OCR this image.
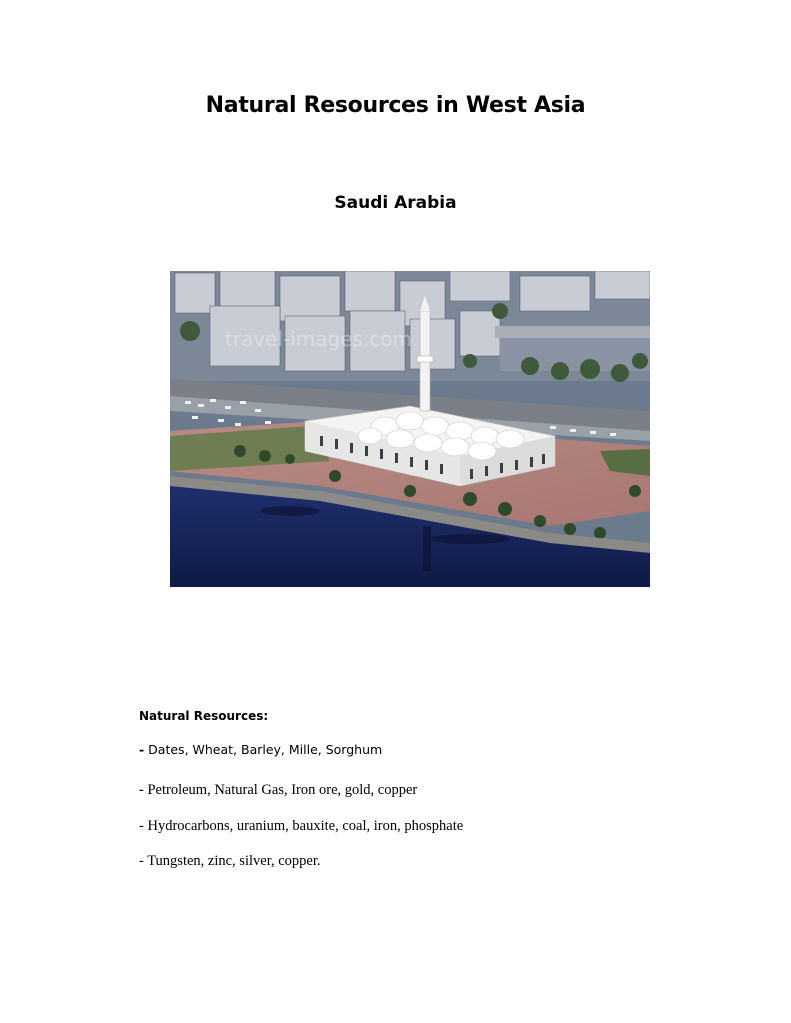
Natural Resources in West Asia
Saudi Arabia
travel-images.com
Natural Resources:
- Dates, Wheat, Barley, Mille, Sorghum
- Petroleum, Natural Gas, Iron ore, gold, copper
- Hydrocarbons, uranium, bauxite, coal, iron, phosphate
- Tungsten, zinc, silver, copper.
